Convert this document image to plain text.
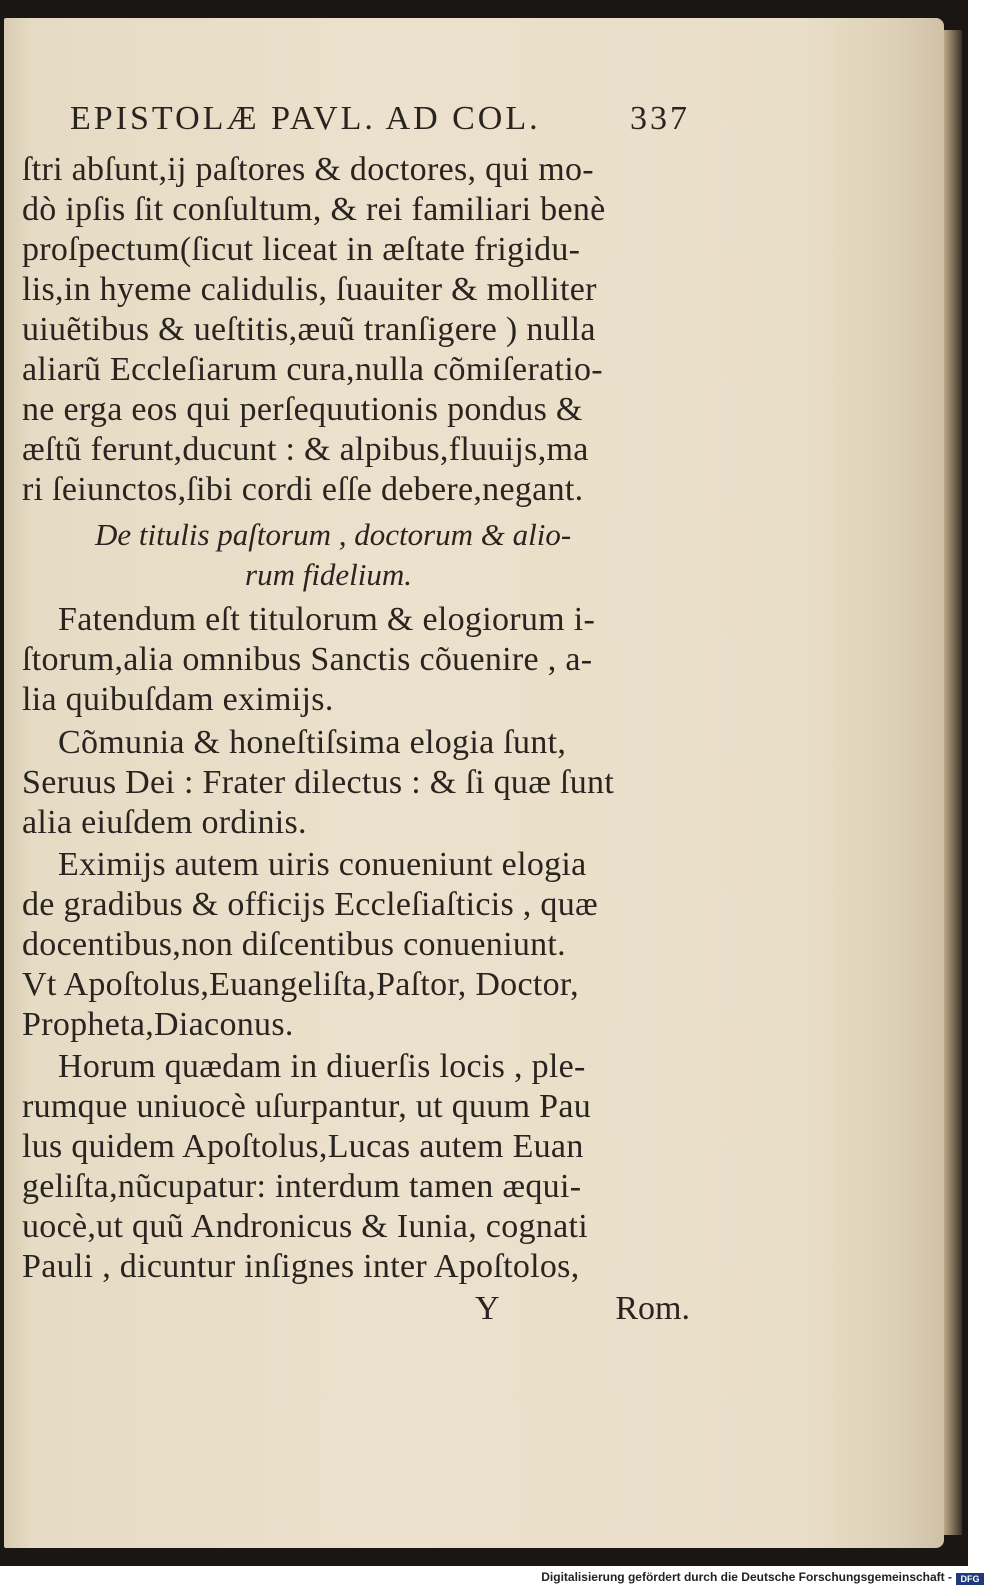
EPISTOLÆ PAVL. AD COL.	337
ſtri abſunt,ij paſtores & doctores, qui mo-
dò ipſis ſit conſultum, & rei familiari benè
proſpectum(ſicut liceat in æſtate frigidu-
lis,in hyeme calidulis, ſuauiter & molliter
uiuẽtibus & ueſtitis,æuũ tranſigere ) nulla
aliarũ Eccleſiarum cura,nulla cõmiſeratio-
ne erga eos qui perſequutionis pondus &
æſtũ ferunt,ducunt : & alpibus,fluuijs,ma
ri ſeiunctos,ſibi cordi eſſe debere,negant.
De titulis paſtorum , doctorum & alio-
rum fidelium.
Fatendum eſt titulorum & elogiorum i-
ſtorum,alia omnibus Sanctis cõuenire , a-
lia quibuſdam eximijs.
Cõmunia & honeſtiſsima elogia ſunt,
Seruus Dei : Frater dilectus : & ſi quæ ſunt
alia eiuſdem ordinis.
Eximijs autem uiris conueniunt elogia
de gradibus & officijs Eccleſiaſticis , quæ
docentibus,non diſcentibus conueniunt.
Vt Apoſtolus,Euangeliſta,Paſtor, Doctor,
Propheta,Diaconus.
Horum quædam in diuerſis locis , ple-
rumque uniuocè uſurpantur, ut quum Pau
lus quidem Apoſtolus,Lucas autem Euan
geliſta,nũcupatur: interdum tamen æqui-
uocè,ut quũ Andronicus & Iunia, cognati
Pauli , dicuntur inſignes inter Apoſtolos,
Y	Rom.
Digitalisierung gefördert durch die Deutsche Forschungsgemeinschaft - DFG
